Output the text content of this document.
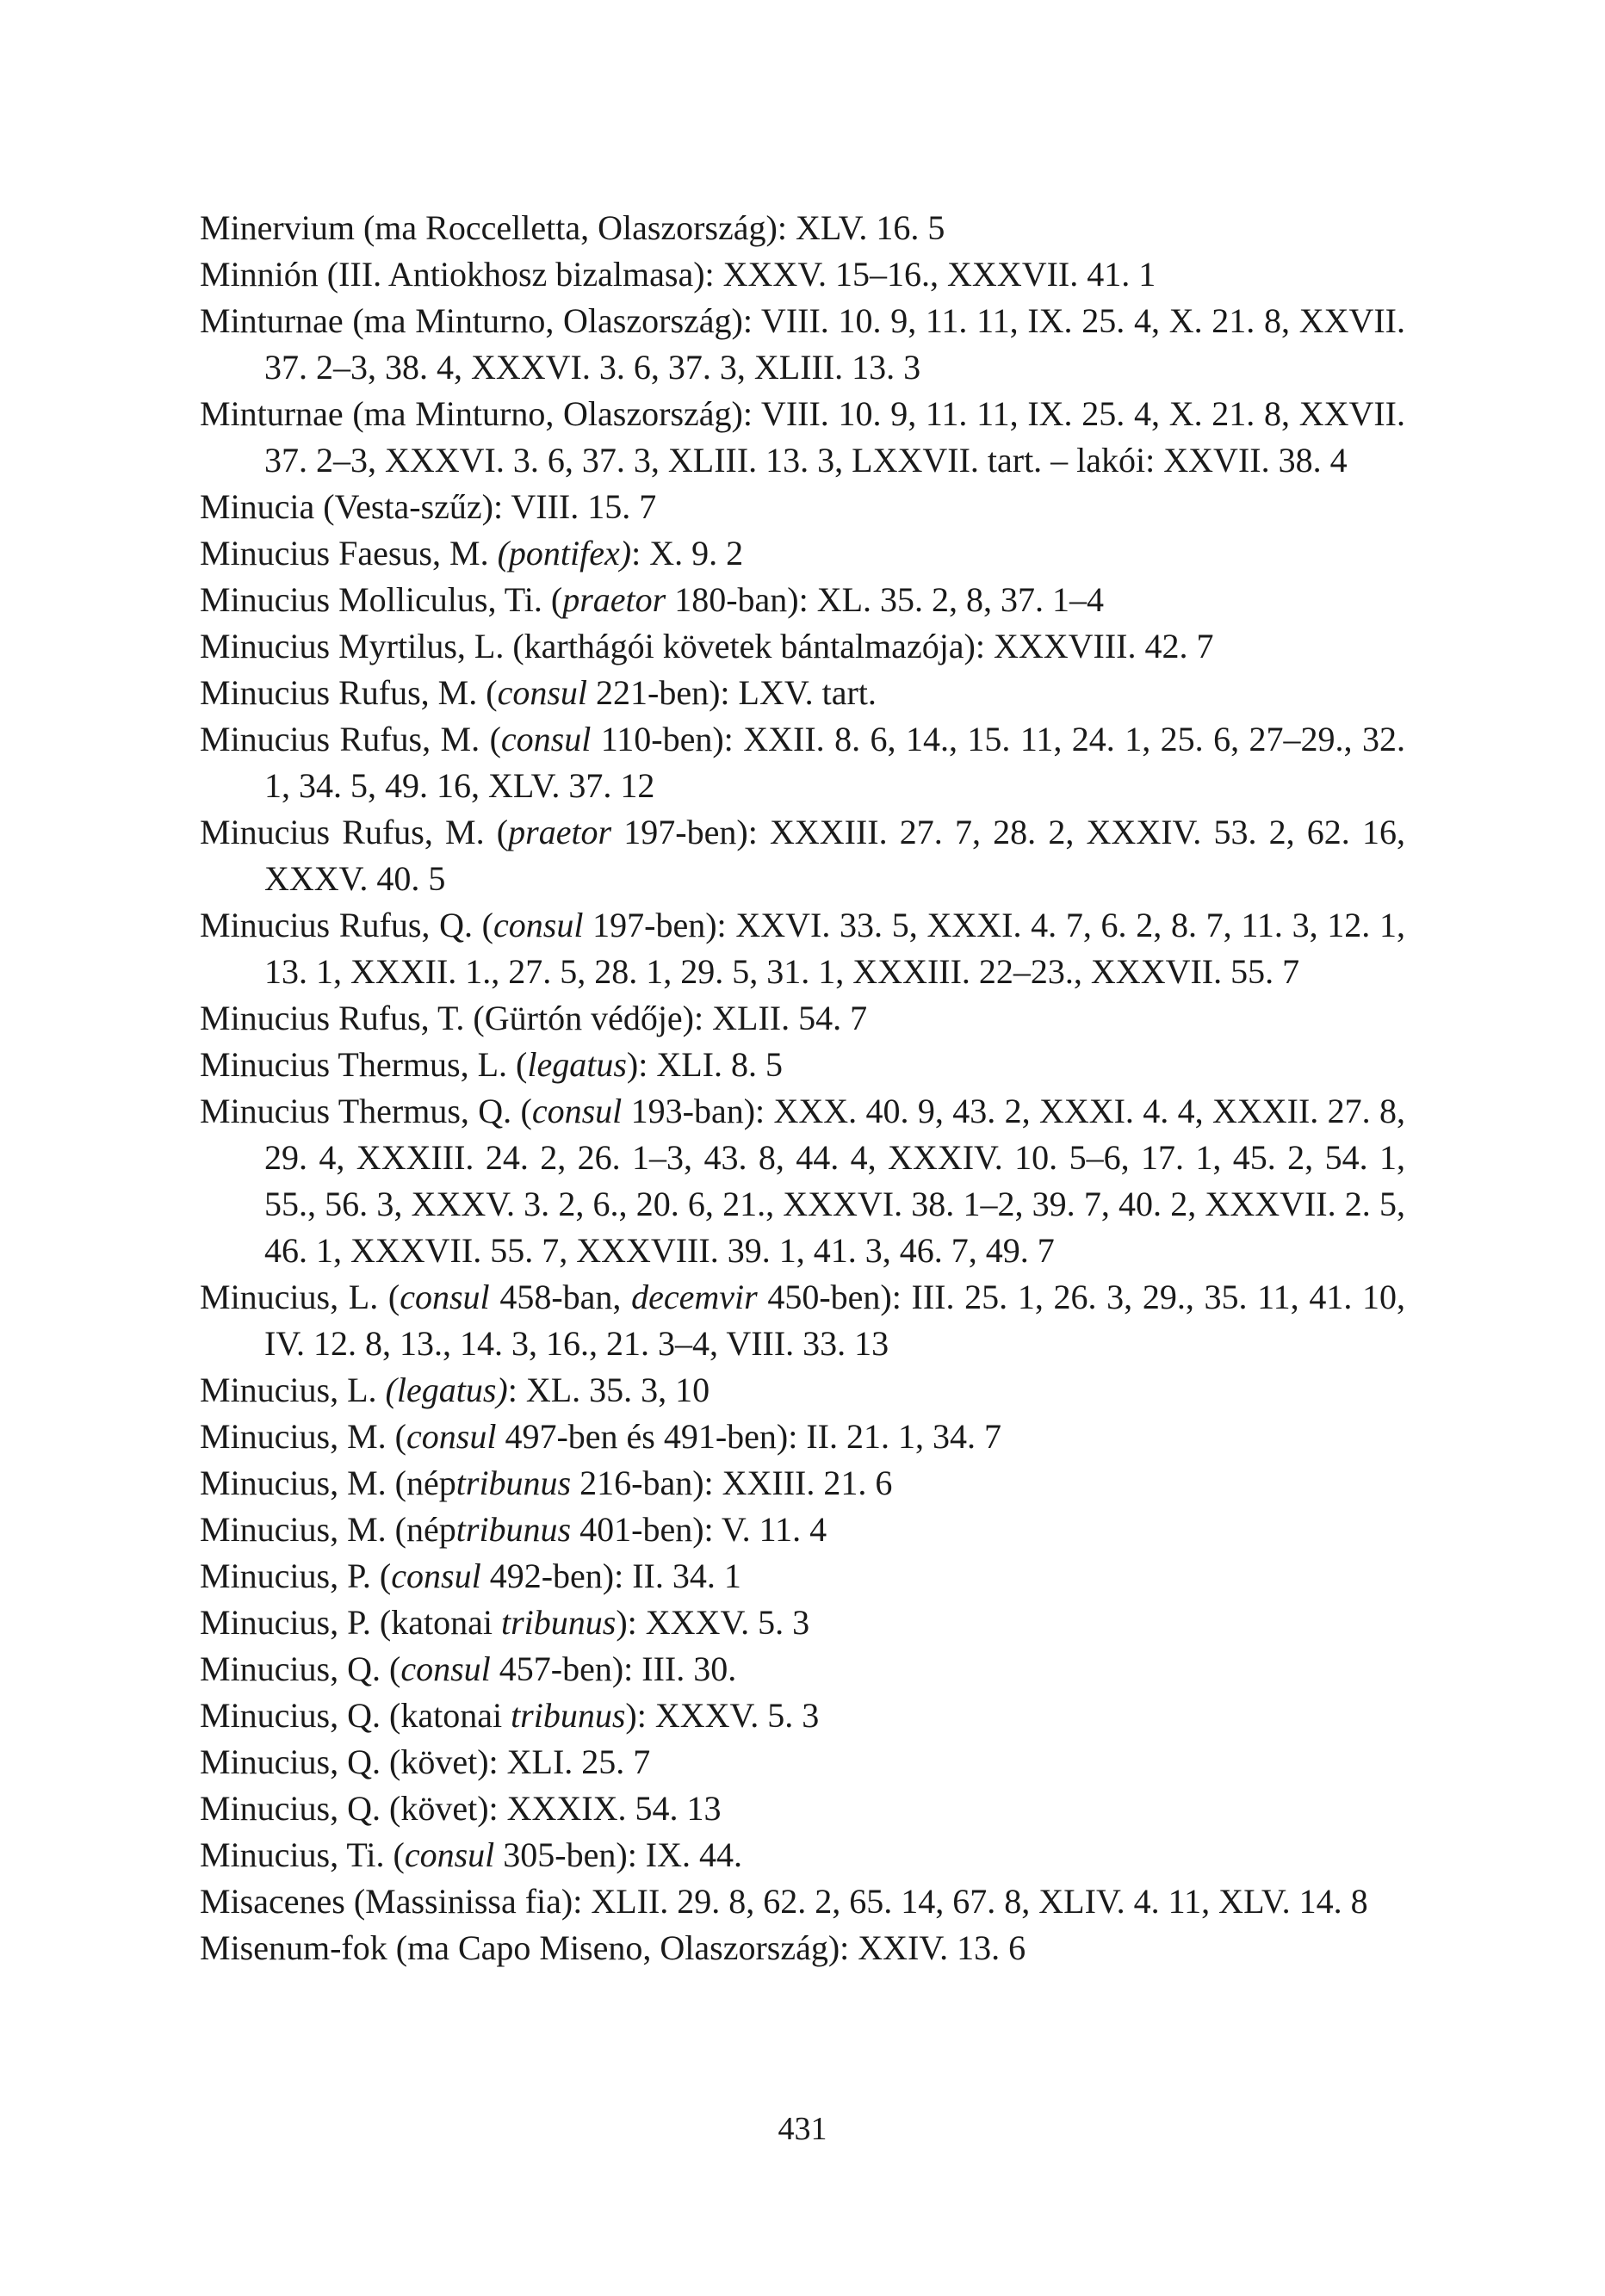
Minervium (ma Roccelletta, Olaszország): XLV. 16. 5
Minnión (III. Antiokhosz bizalmasa): XXXV. 15–16., XXXVII. 41. 1
Minturnae (ma Minturno, Olaszország): VIII. 10. 9, 11. 11, IX. 25. 4, X. 21. 8, XXVII. 37. 2–3, 38. 4, XXXVI. 3. 6, 37. 3, XLIII. 13. 3
Minturnae (ma Minturno, Olaszország): VIII. 10. 9, 11. 11, IX. 25. 4, X. 21. 8, XXVII. 37. 2–3, XXXVI. 3. 6, 37. 3, XLIII. 13. 3, LXXVII. tart. – lakói: XXVII. 38. 4
Minucia (Vesta-szűz): VIII. 15. 7
Minucius Faesus, M. (pontifex): X. 9. 2
Minucius Molliculus, Ti. (praetor 180-ban): XL. 35. 2, 8, 37. 1–4
Minucius Myrtilus, L. (karthágói követek bántalmazója): XXXVIII. 42. 7
Minucius Rufus, M. (consul 221-ben): LXV. tart.
Minucius Rufus, M. (consul 110-ben): XXII. 8. 6, 14., 15. 11, 24. 1, 25. 6, 27–29., 32. 1, 34. 5, 49. 16, XLV. 37. 12
Minucius Rufus, M. (praetor 197-ben): XXXIII. 27. 7, 28. 2, XXXIV. 53. 2, 62. 16, XXXV. 40. 5
Minucius Rufus, Q. (consul 197-ben): XXVI. 33. 5, XXXI. 4. 7, 6. 2, 8. 7, 11. 3, 12. 1, 13. 1, XXXII. 1., 27. 5, 28. 1, 29. 5, 31. 1, XXXIII. 22–23., XXXVII. 55. 7
Minucius Rufus, T. (Gürtón védője): XLII. 54. 7
Minucius Thermus, L. (legatus): XLI. 8. 5
Minucius Thermus, Q. (consul 193-ban): XXX. 40. 9, 43. 2, XXXI. 4. 4, XXXII. 27. 8, 29. 4, XXXIII. 24. 2, 26. 1–3, 43. 8, 44. 4, XXXIV. 10. 5–6, 17. 1, 45. 2, 54. 1, 55., 56. 3, XXXV. 3. 2, 6., 20. 6, 21., XXXVI. 38. 1–2, 39. 7, 40. 2, XXXVII. 2. 5, 46. 1, XXXVII. 55. 7, XXXVIII. 39. 1, 41. 3, 46. 7, 49. 7
Minucius, L. (consul 458-ban, decemvir 450-ben): III. 25. 1, 26. 3, 29., 35. 11, 41. 10, IV. 12. 8, 13., 14. 3, 16., 21. 3–4, VIII. 33. 13
Minucius, L. (legatus): XL. 35. 3, 10
Minucius, M. (consul 497-ben és 491-ben): II. 21. 1, 34. 7
Minucius, M. (néptribunus 216-ban): XXIII. 21. 6
Minucius, M. (néptribunus 401-ben): V. 11. 4
Minucius, P. (consul 492-ben): II. 34. 1
Minucius, P. (katonai tribunus): XXXV. 5. 3
Minucius, Q. (consul 457-ben): III. 30.
Minucius, Q. (katonai tribunus): XXXV. 5. 3
Minucius, Q. (követ): XLI. 25. 7
Minucius, Q. (követ): XXXIX. 54. 13
Minucius, Ti. (consul 305-ben): IX. 44.
Misacenes (Massinissa fia): XLII. 29. 8, 62. 2, 65. 14, 67. 8, XLIV. 4. 11, XLV. 14. 8
Misenum-fok (ma Capo Miseno, Olaszország): XXIV. 13. 6
431
